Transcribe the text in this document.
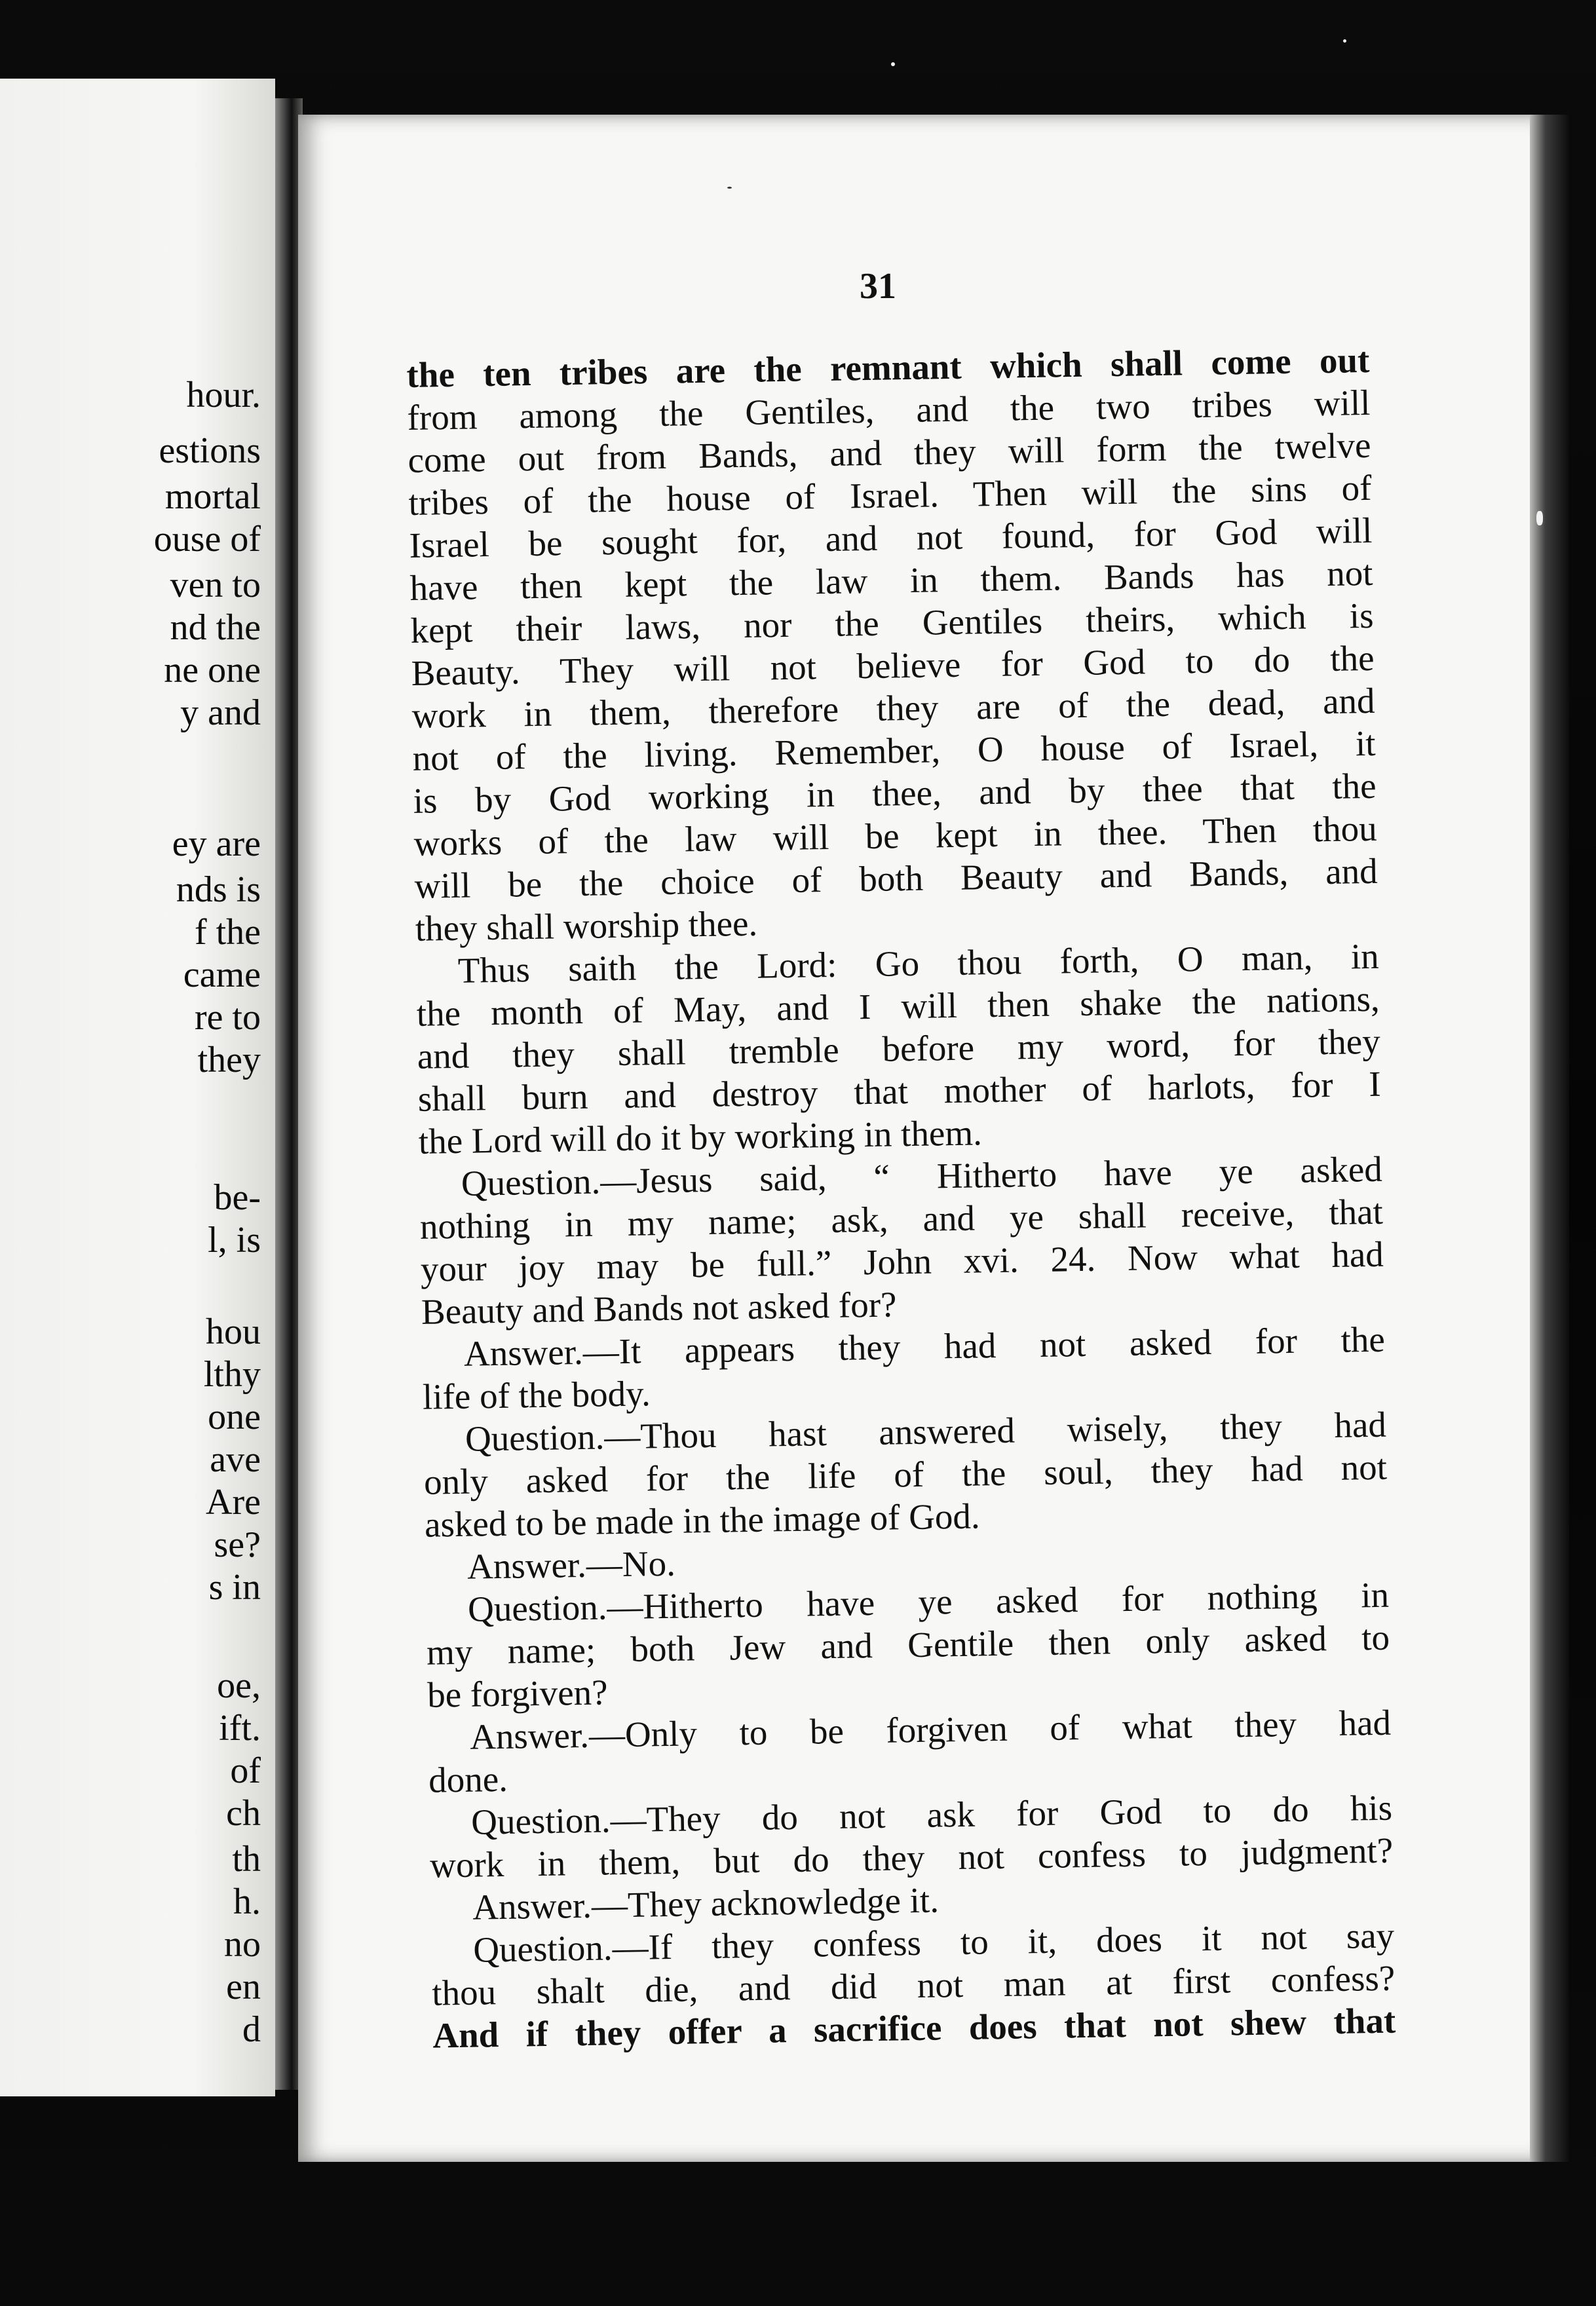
hour.
estions
mortal
ouse of
ven to
nd the
ne one
y and
ey are
nds is
f the
came
re to
they
be-
l, is
hou
lthy
one
ave
Are
se?
s in
oe,
ift.
of
ch
th
h.
no
en
d
31
the ten tribes are the remnant which shall come out
from among the Gentiles, and the two tribes will
come out from Bands, and they will form the twelve
tribes of the house of Israel. Then will the sins of
Israel be sought for, and not found, for God will
have then kept the law in them. Bands has not
kept their laws, nor the Gentiles theirs, which is
Beauty. They will not believe for God to do the
work in them, therefore they are of the dead, and
not of the living. Remember, O house of Israel, it
is by God working in thee, and by thee that the
works of the law will be kept in thee. Then thou
will be the choice of both Beauty and Bands, and
they shall worship thee.
Thus saith the Lord: Go thou forth, O man, in
the month of May, and I will then shake the nations,
and they shall tremble before my word, for they
shall burn and destroy that mother of harlots, for I
the Lord will do it by working in them.
Question.—Jesus said, “ Hitherto have ye asked
nothing in my name; ask, and ye shall receive, that
your joy may be full.” John xvi. 24. Now what had
Beauty and Bands not asked for?
Answer.—It appears they had not asked for the
life of the body.
Question.—Thou hast answered wisely, they had
only asked for the life of the soul, they had not
asked to be made in the image of God.
Answer.—No.
Question.—Hitherto have ye asked for nothing in
my name; both Jew and Gentile then only asked to
be forgiven?
Answer.—Only to be forgiven of what they had
done.
Question.—They do not ask for God to do his
work in them, but do they not confess to judgment?
Answer.—They acknowledge it.
Question.—If they confess to it, does it not say
thou shalt die, and did not man at first confess?
And if they offer a sacrifice does that not shew that
